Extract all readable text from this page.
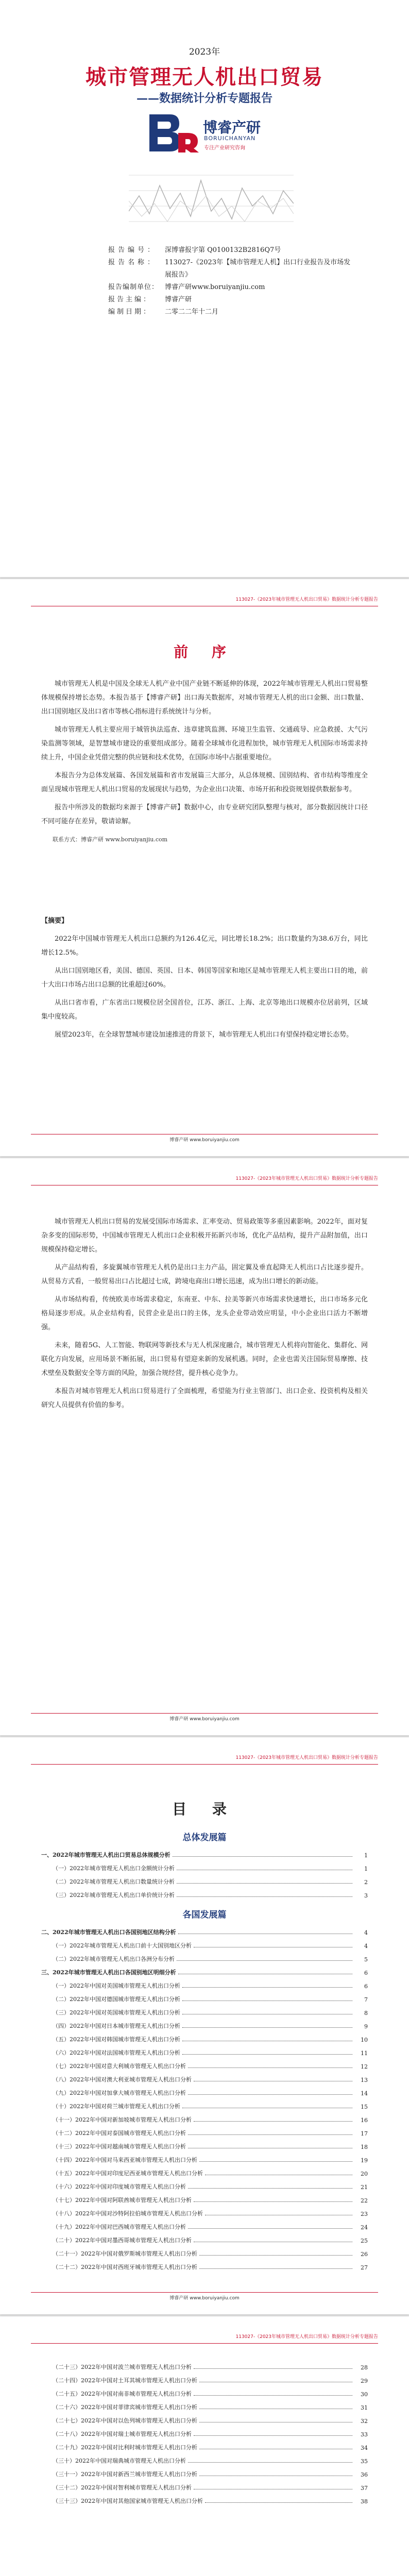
2023年
城市管理无人机出口贸易
——数据统计分析专题报告
博睿产研
BORUICHANYAN
专注产业研究咨询
报告编号：	深博睿报字第 Q0100132B2816Q7号
报告名称：	113027-《2023年【城市管理无人机】出口行业报告及市场发展报告》
报告编制单位： 博睿产研www.boruiyanjiu.com
报告主编：	博睿产研
编制日期：	二零二二年十二月
113027-《2023年城市管理无人机出口贸易》数据统计分析专题报告
前 序

城市管理无人机是中国及全球无人机产业中国产业链不断延伸的体现，2022年城市管理无人机出口贸易整体规模保持增长态势。本报告基于【博睿产研】出口海关数据库，对城市管理无人机的出口金额、出口数量、出口国别地区及出口省市等核心指标进行系统统计与分析。

城市管理无人机主要应用于城管执法巡查、违章建筑监测、环境卫生监管、交通疏导、应急救援、大气污染监测等领域，是智慧城市建设的重要组成部分。随着全球城市化进程加快，城市管理无人机国际市场需求持续上升，中国企业凭借完整的供应链和技术优势，在国际市场中占据重要地位。

本报告分为总体发展篇、各国发展篇和省市发展篇三大部分，从总体规模、国别结构、省市结构等维度全面呈现城市管理无人机出口贸易的发展现状与趋势，为企业出口决策、市场开拓和投资规划提供数据参考。

报告中所涉及的数据均来源于【博睿产研】数据中心，由专业研究团队整理与核对，部分数据因统计口径不同可能存在差异，敬请谅解。

联系方式：博睿产研 www.boruiyanjiu.com

【摘要】

2022年中国城市管理无人机出口总额约为126.4亿元，同比增长18.2%；出口数量约为38.6万台，同比增长12.5%。

从出口国别地区看，美国、德国、英国、日本、韩国等国家和地区是城市管理无人机主要出口目的地，前十大出口市场占出口总额的比重超过60%。

从出口省市看，广东省出口规模位居全国首位，江苏、浙江、上海、北京等地出口规模亦位居前列，区域集中度较高。

展望2023年，在全球智慧城市建设加速推进的背景下，城市管理无人机出口有望保持稳定增长态势。

博睿产研 www.boruiyanjiu.com
113027-《2023年城市管理无人机出口贸易》数据统计分析专题报告

城市管理无人机出口贸易的发展受国际市场需求、汇率变动、贸易政策等多重因素影响。2022年，面对复杂多变的国际形势，中国城市管理无人机出口企业积极开拓新兴市场，优化产品结构，提升产品附加值，出口规模保持稳定增长。

从产品结构看，多旋翼城市管理无人机仍是出口主力产品，固定翼及垂直起降无人机出口占比逐步提升。从贸易方式看，一般贸易出口占比超过七成，跨境电商出口增长迅速，成为出口增长的新动能。

从市场结构看，传统欧美市场需求稳定，东南亚、中东、拉美等新兴市场需求快速增长，出口市场多元化格局逐步形成。从企业结构看，民营企业是出口的主体，龙头企业带动效应明显，中小企业出口活力不断增强。

未来，随着5G、人工智能、物联网等新技术与无人机深度融合，城市管理无人机将向智能化、集群化、网联化方向发展，应用场景不断拓展，出口贸易有望迎来新的发展机遇。同时，企业也需关注国际贸易摩擦、技术壁垒及数据安全等方面的风险，加强合规经营，提升核心竞争力。

本报告对城市管理无人机出口贸易进行了全面梳理，希望能为行业主管部门、出口企业、投资机构及相关研究人员提供有价值的参考。

博睿产研 www.boruiyanjiu.com
113027-《2023年城市管理无人机出口贸易》数据统计分析专题报告
目 录
总体发展篇
一、2022年城市管理无人机出口贸易总体规模分析	1
（一）2022年城市管理无人机出口金额统计分析	1
（二）2022年城市管理无人机出口数量统计分析	2
（三）2022年城市管理无人机出口单价统计分析	3
各国发展篇
二、2022年城市管理无人机出口各国别地区结构分析	4
（一）2022年城市管理无人机出口前十大国别地区分析	4
（二）2022年城市管理无人机出口各洲分布分析	5
三、2022年城市管理无人机出口各国别地区明细分析	6
（一）2022年中国对美国城市管理无人机出口分析	6
（二）2022年中国对德国城市管理无人机出口分析	7
（三）2022年中国对英国城市管理无人机出口分析	8
（四）2022年中国对日本城市管理无人机出口分析	9
（五）2022年中国对韩国城市管理无人机出口分析	10
（六）2022年中国对法国城市管理无人机出口分析	11
（七）2022年中国对意大利城市管理无人机出口分析	12
（八）2022年中国对澳大利亚城市管理无人机出口分析	13
（九）2022年中国对加拿大城市管理无人机出口分析	14
（十）2022年中国对荷兰城市管理无人机出口分析	15
（十一）2022年中国对新加坡城市管理无人机出口分析	16
（十二）2022年中国对泰国城市管理无人机出口分析	17
（十三）2022年中国对越南城市管理无人机出口分析	18
（十四）2022年中国对马来西亚城市管理无人机出口分析	19
（十五）2022年中国对印度尼西亚城市管理无人机出口分析	20
（十六）2022年中国对印度城市管理无人机出口分析	21
（十七）2022年中国对阿联酋城市管理无人机出口分析	22
（十八）2022年中国对沙特阿拉伯城市管理无人机出口分析	23
（十九）2022年中国对巴西城市管理无人机出口分析	24
（二十）2022年中国对墨西哥城市管理无人机出口分析	25
（二十一）2022年中国对俄罗斯城市管理无人机出口分析	26
（二十二）2022年中国对西班牙城市管理无人机出口分析	27
博睿产研 www.boruiyanjiu.com
113027-《2023年城市管理无人机出口贸易》数据统计分析专题报告
（二十三）2022年中国对波兰城市管理无人机出口分析	28
（二十四）2022年中国对土耳其城市管理无人机出口分析	29
（二十五）2022年中国对南非城市管理无人机出口分析	30
（二十六）2022年中国对菲律宾城市管理无人机出口分析	31
（二十七）2022年中国对以色列城市管理无人机出口分析	32
（二十八）2022年中国对瑞士城市管理无人机出口分析	33
（二十九）2022年中国对比利时城市管理无人机出口分析	34
（三十）2022年中国对瑞典城市管理无人机出口分析	35
（三十一）2022年中国对新西兰城市管理无人机出口分析	36
（三十二）2022年中国对智利城市管理无人机出口分析	37
（三十三）2022年中国对其他国家城市管理无人机出口分析	38
